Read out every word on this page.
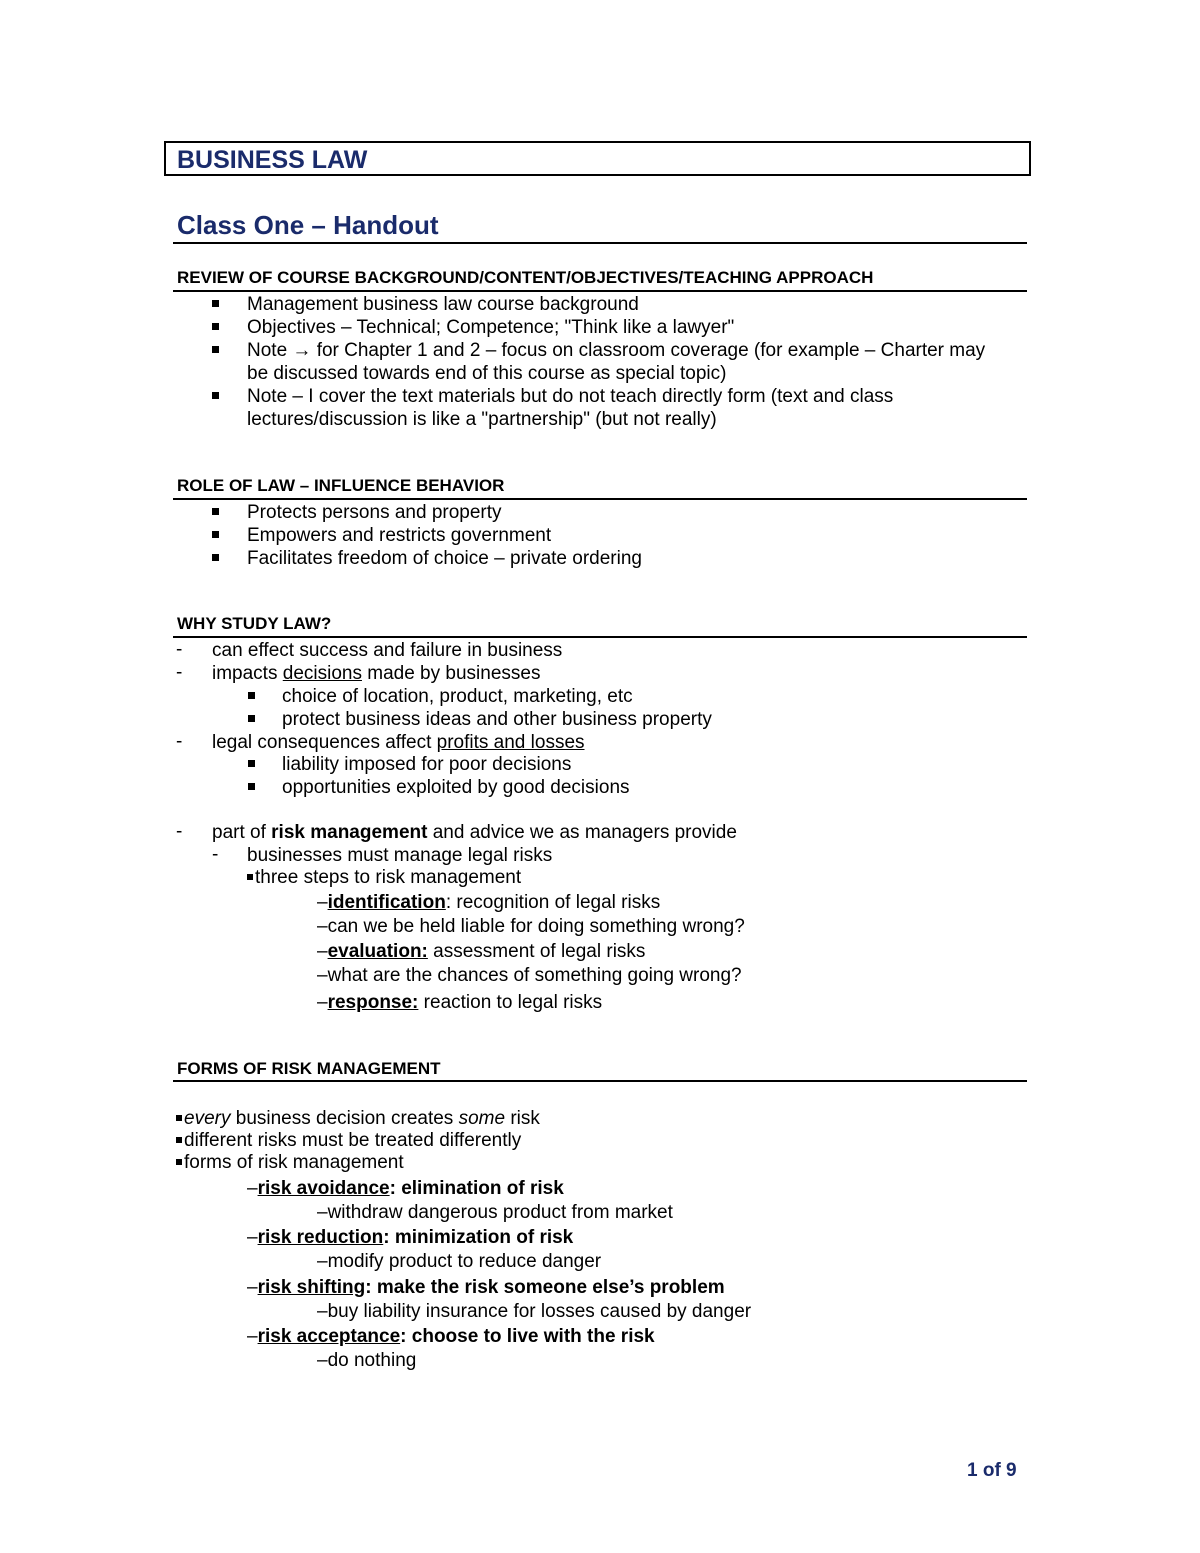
BUSINESS LAW
Class One – Handout
REVIEW OF COURSE BACKGROUND/CONTENT/OBJECTIVES/TEACHING APPROACH
Management business law course background
Objectives – Technical; Competence; "Think like a lawyer"
Note → for Chapter 1 and 2 – focus on classroom coverage (for example – Charter may
be discussed towards end of this course as special topic)
Note – I cover the text materials but do not teach directly form (text and class
lectures/discussion is like a "partnership" (but not really)
ROLE OF LAW – INFLUENCE BEHAVIOR
Protects persons and property
Empowers and restricts government
Facilitates freedom of choice – private ordering
WHY STUDY LAW?
- can effect success and failure in business
- impacts decisions made by businesses
choice of location, product, marketing, etc
protect business ideas and other business property
- legal consequences affect profits and losses
liability imposed for poor decisions
opportunities exploited by good decisions
- part of risk management and advice we as managers provide
- businesses must manage legal risks
three steps to risk management
–identification: recognition of legal risks
–can we be held liable for doing something wrong?
–evaluation: assessment of legal risks
–what are the chances of something going wrong?
–response: reaction to legal risks
FORMS OF RISK MANAGEMENT
every business decision creates some risk
different risks must be treated differently
forms of risk management
–risk avoidance: elimination of risk
–withdraw dangerous product from market
–risk reduction: minimization of risk
–modify product to reduce danger
–risk shifting: make the risk someone else’s problem
–buy liability insurance for losses caused by danger
–risk acceptance: choose to live with the risk
–do nothing
1 of 9
